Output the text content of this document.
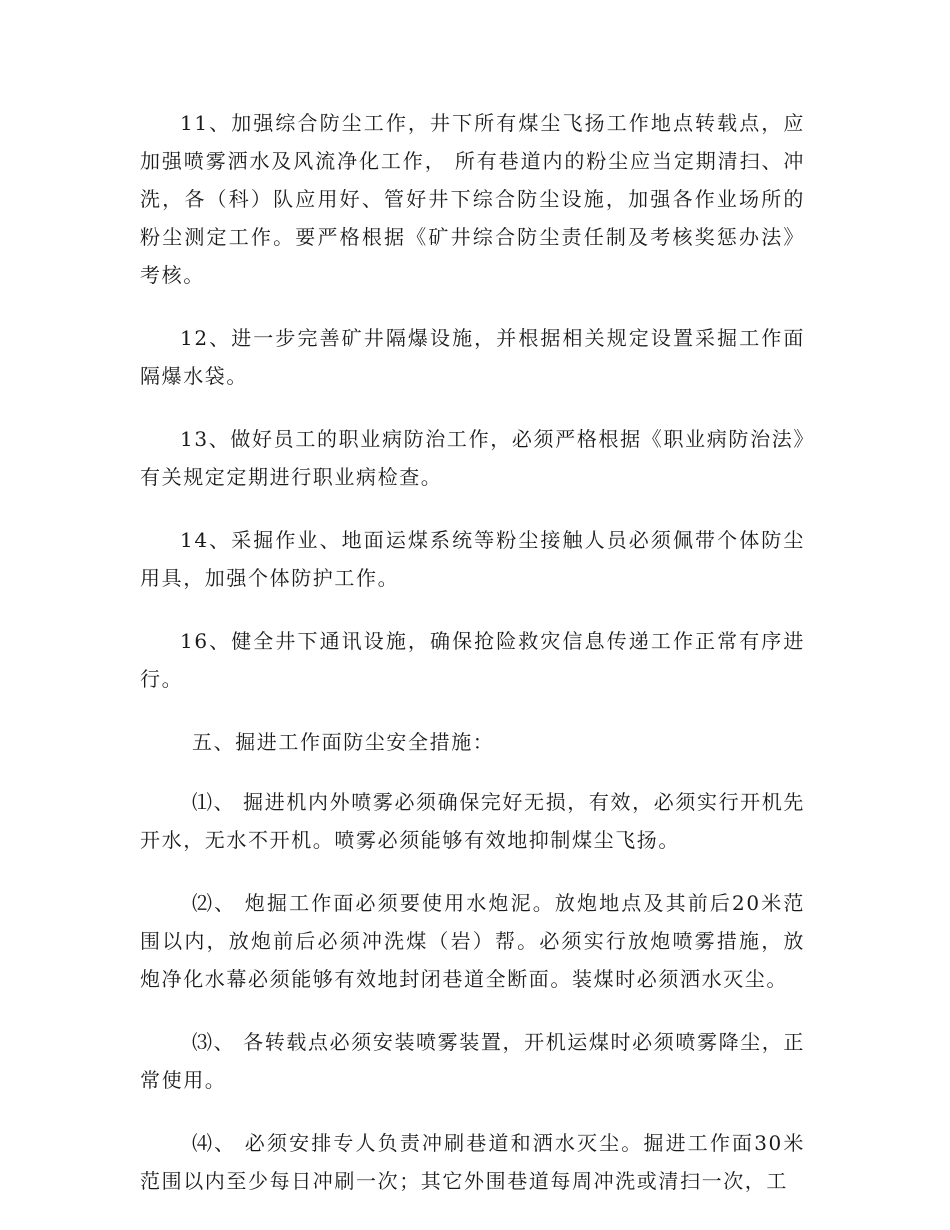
11、加强综合防尘工作，井下所有煤尘飞扬工作地点转载点，应加强喷雾洒水及风流净化工作， 所有巷道内的粉尘应当定期清扫、冲洗，各（科）队应用好、管好井下综合防尘设施，加强各作业场所的粉尘测定工作。要严格根据《矿井综合防尘责任制及考核奖惩办法》考核。

12、进一步完善矿井隔爆设施，并根据相关规定设置采掘工作面隔爆水袋。

13、做好员工的职业病防治工作，必须严格根据《职业病防治法》有关规定定期进行职业病检查。

14、采掘作业、地面运煤系统等粉尘接触人员必须佩带个体防尘用具，加强个体防护工作。

16、健全井下通讯设施，确保抢险救灾信息传递工作正常有序进行。

五、掘进工作面防尘安全措施：

⑴、 掘进机内外喷雾必须确保完好无损，有效，必须实行开机先开水，无水不开机。喷雾必须能够有效地抑制煤尘飞扬。

⑵、 炮掘工作面必须要使用水炮泥。放炮地点及其前后20米范围以内，放炮前后必须冲洗煤（岩）帮。必须实行放炮喷雾措施，放炮净化水幕必须能够有效地封闭巷道全断面。装煤时必须洒水灭尘。

⑶、 各转载点必须安装喷雾装置，开机运煤时必须喷雾降尘，正常使用。

⑷、 必须安排专人负责冲刷巷道和洒水灭尘。掘进工作面30米范围以内至少每日冲刷一次；其它外围巷道每周冲洗或清扫一次，工
